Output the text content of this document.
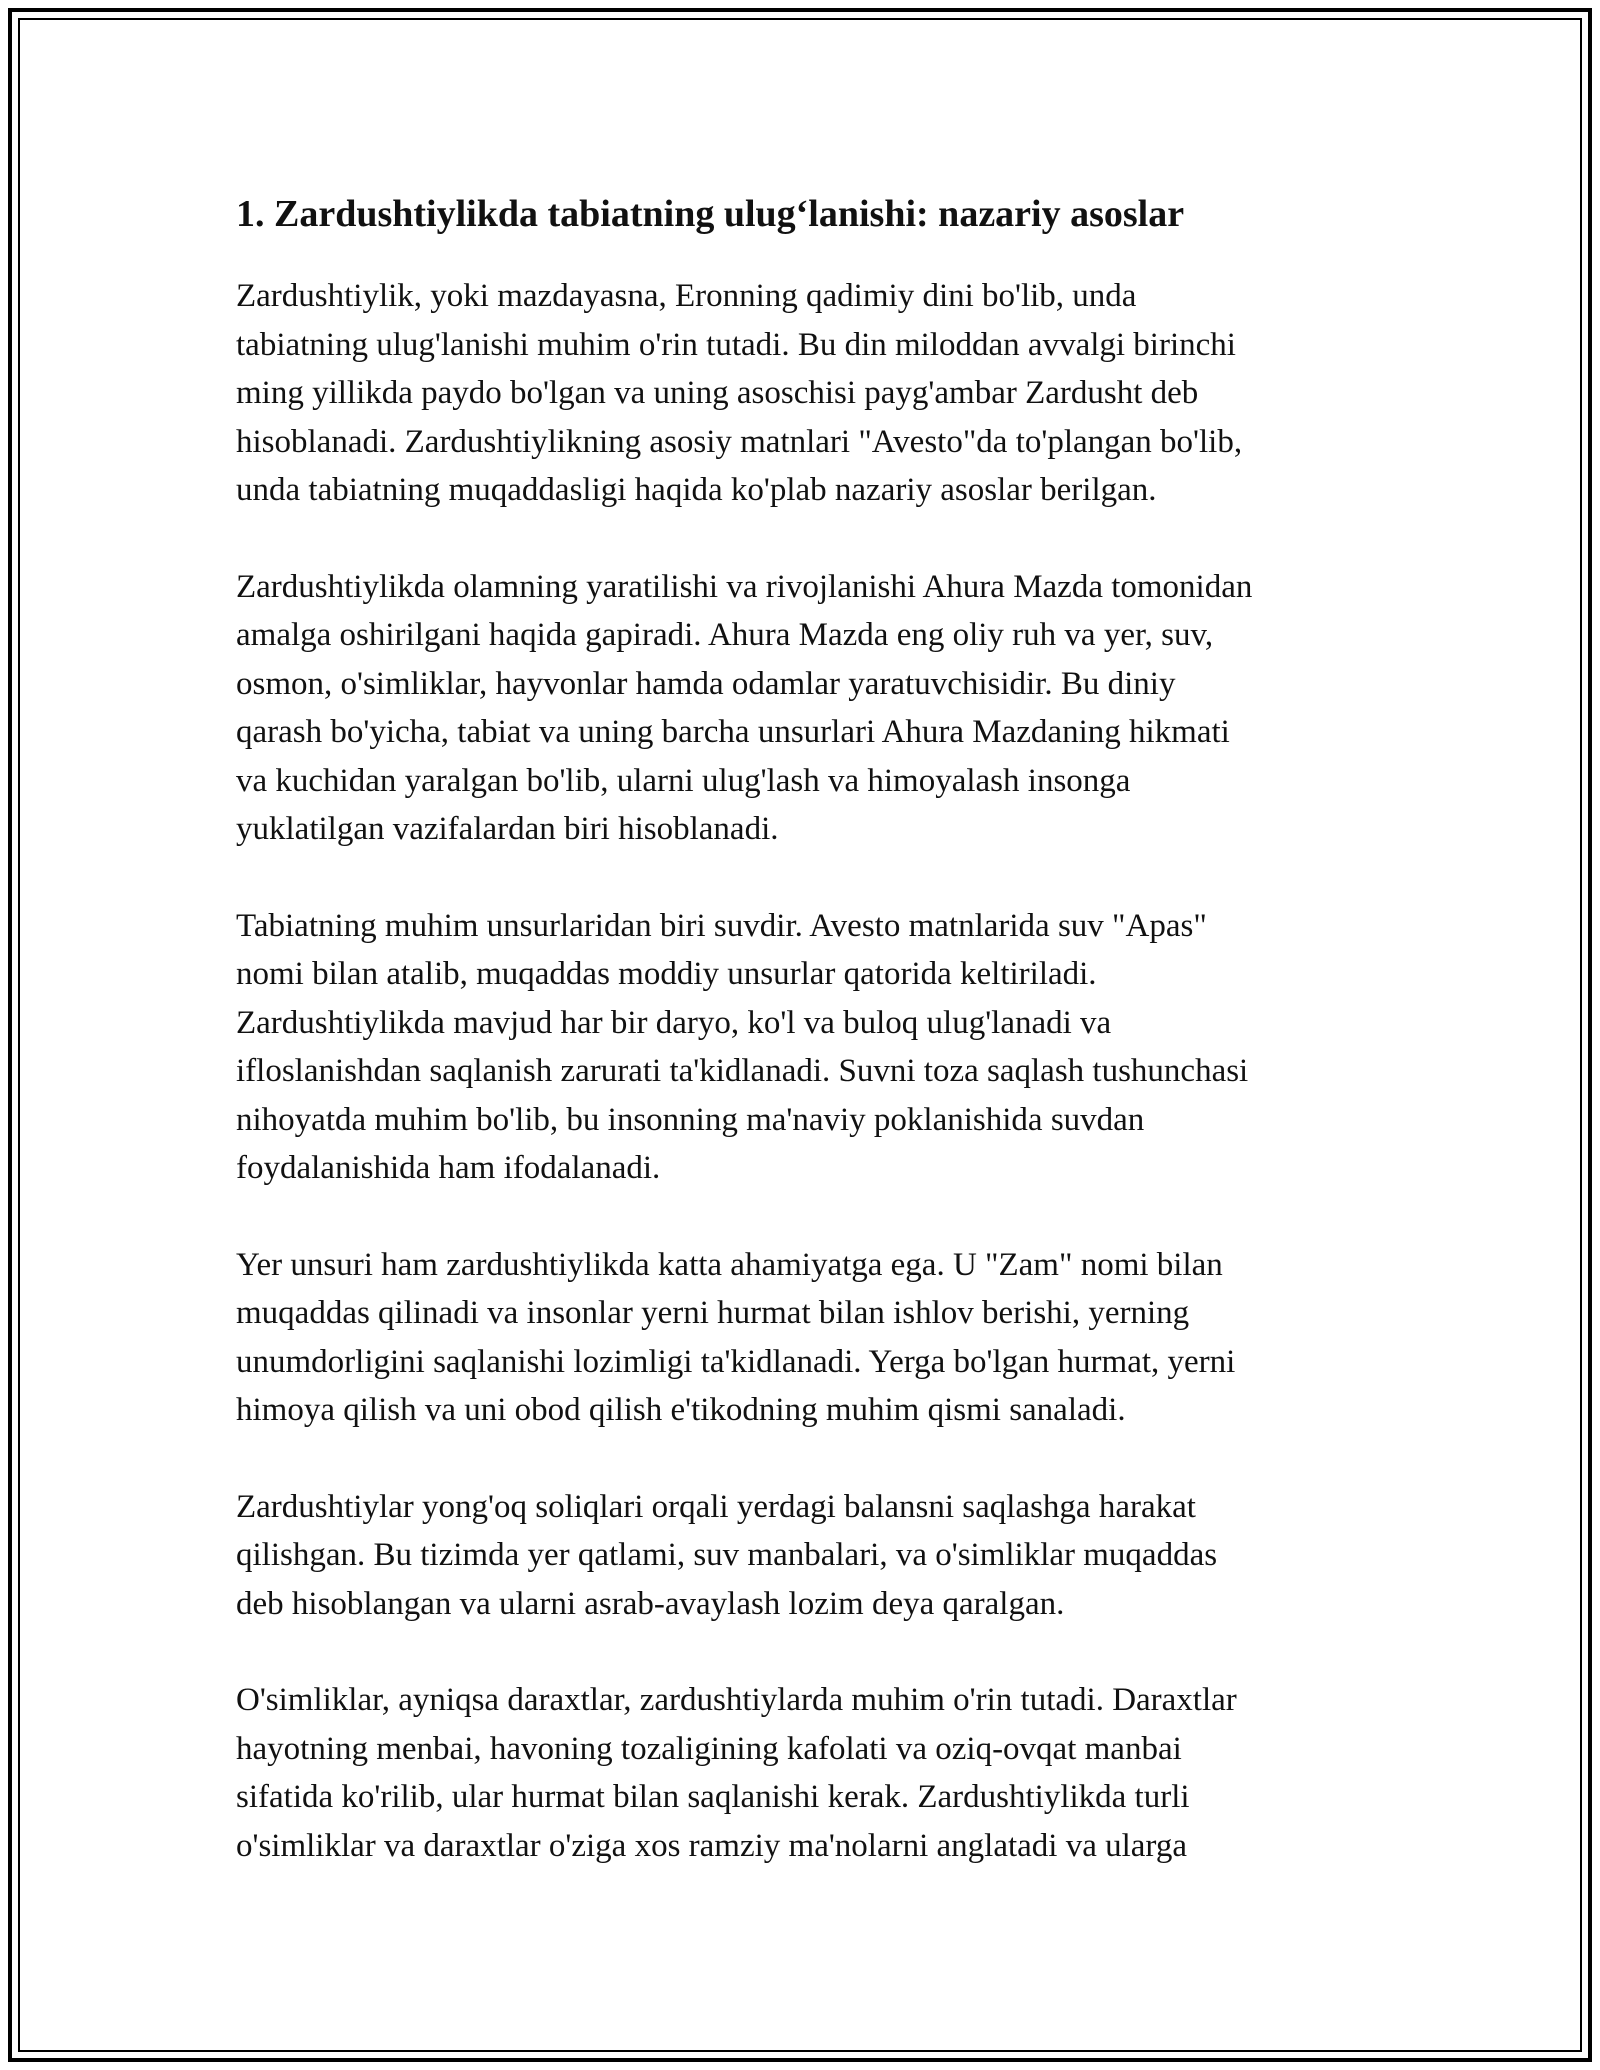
1. Zardushtiylikda tabiatning ulug‘lanishi: nazariy asoslar

Zardushtiylik, yoki mazdayasna, Eronning qadimiy dini bo'lib, unda
tabiatning ulug'lanishi muhim o'rin tutadi. Bu din miloddan avvalgi birinchi
ming yillikda paydo bo'lgan va uning asoschisi payg'ambar Zardusht deb
hisoblanadi. Zardushtiylikning asosiy matnlari "Avesto"da to'plangan bo'lib,
unda tabiatning muqaddasligi haqida ko'plab nazariy asoslar berilgan.

Zardushtiylikda olamning yaratilishi va rivojlanishi Ahura Mazda tomonidan
amalga oshirilgani haqida gapiradi. Ahura Mazda eng oliy ruh va yer, suv,
osmon, o'simliklar, hayvonlar hamda odamlar yaratuvchisidir. Bu diniy
qarash bo'yicha, tabiat va uning barcha unsurlari Ahura Mazdaning hikmati
va kuchidan yaralgan bo'lib, ularni ulug'lash va himoyalash insonga
yuklatilgan vazifalardan biri hisoblanadi.

Tabiatning muhim unsurlaridan biri suvdir. Avesto matnlarida suv "Apas"
nomi bilan atalib, muqaddas moddiy unsurlar qatorida keltiriladi.
Zardushtiylikda mavjud har bir daryo, ko'l va buloq ulug'lanadi va
ifloslanishdan saqlanish zarurati ta'kidlanadi. Suvni toza saqlash tushunchasi
nihoyatda muhim bo'lib, bu insonning ma'naviy poklanishida suvdan
foydalanishida ham ifodalanadi.

Yer unsuri ham zardushtiylikda katta ahamiyatga ega. U "Zam" nomi bilan
muqaddas qilinadi va insonlar yerni hurmat bilan ishlov berishi, yerning
unumdorligini saqlanishi lozimligi ta'kidlanadi. Yerga bo'lgan hurmat, yerni
himoya qilish va uni obod qilish e'tikodning muhim qismi sanaladi.

Zardushtiylar yong'oq soliqlari orqali yerdagi balansni saqlashga harakat
qilishgan. Bu tizimda yer qatlami, suv manbalari, va o'simliklar muqaddas
deb hisoblangan va ularni asrab-avaylash lozim deya qaralgan.

O'simliklar, ayniqsa daraxtlar, zardushtiylarda muhim o'rin tutadi. Daraxtlar
hayotning menbai, havoning tozaligining kafolati va oziq-ovqat manbai
sifatida ko'rilib, ular hurmat bilan saqlanishi kerak. Zardushtiylikda turli
o'simliklar va daraxtlar o'ziga xos ramziy ma'nolarni anglatadi va ularga
